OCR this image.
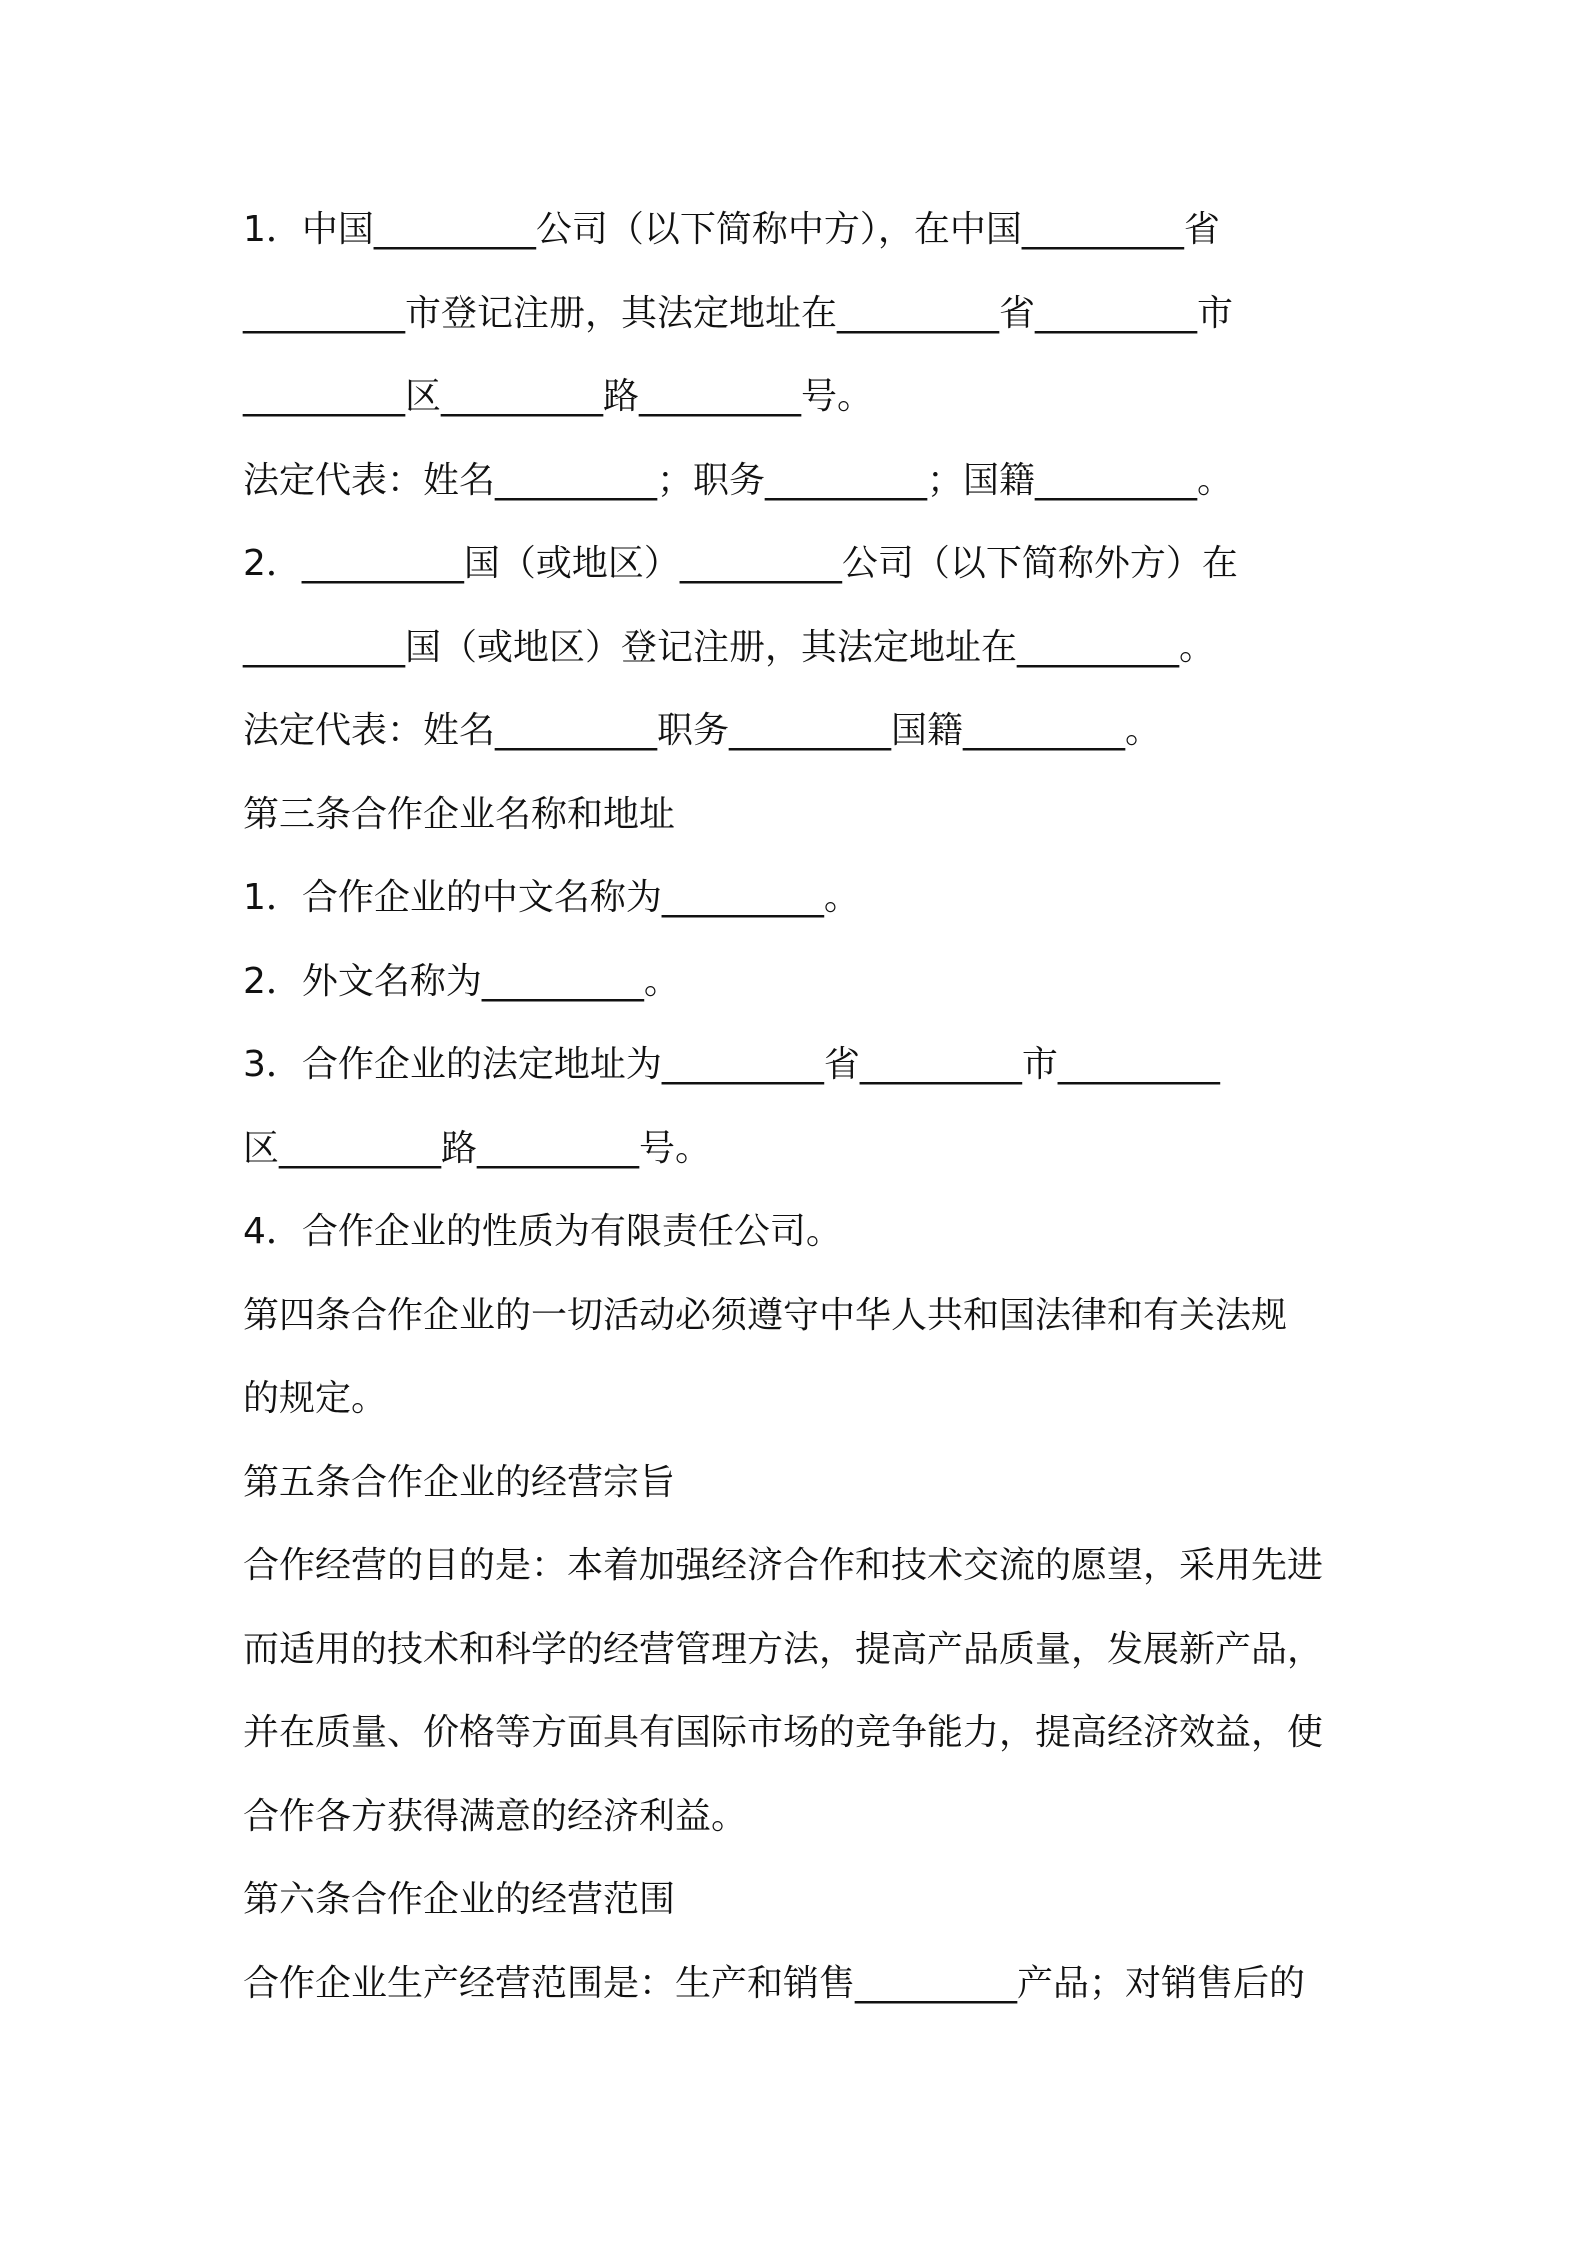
1．中国_________公司（以下简称中方），在中国_________省
_________市登记注册，其法定地址在_________省_________市
_________区_________路_________号。
法定代表：姓名_________；职务_________；国籍_________。
2．_________国（或地区）_________公司（以下简称外方）在
_________国（或地区）登记注册，其法定地址在_________。
法定代表：姓名_________职务_________国籍_________。
第三条合作企业名称和地址
1．合作企业的中文名称为_________。
2．外文名称为_________。
3．合作企业的法定地址为_________省_________市_________
区_________路_________号。
4．合作企业的性质为有限责任公司。
第四条合作企业的一切活动必须遵守中华人共和国法律和有关法规
的规定。
第五条合作企业的经营宗旨
合作经营的目的是：本着加强经济合作和技术交流的愿望，采用先进
而适用的技术和科学的经营管理方法，提高产品质量，发展新产品，
并在质量、价格等方面具有国际市场的竞争能力，提高经济效益，使
合作各方获得满意的经济利益。
第六条合作企业的经营范围
合作企业生产经营范围是：生产和销售_________产品；对销售后的
